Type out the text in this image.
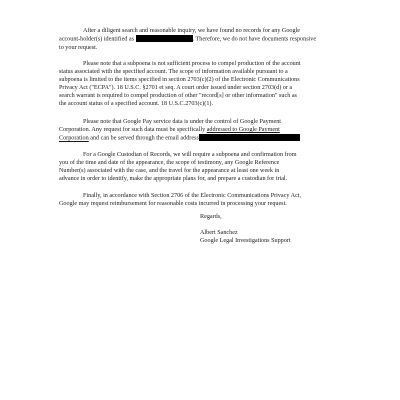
After a diligent search and reasonable inquiry, we have found no records for any Google
account-holder(s) identified as	. Therefore, we do not have documents responsive
to your request.

Please note that a subpoena is not sufficient process to compel production of the account
status associated with the specified account. The scope of information available pursuant to a
subpoena is limited to the items specified in section 2703(c)(2) of the Electronic Communications
Privacy Act ("ECPA"). 18 U.S.C. §2701 et seq. A court order issued under section 2703(d) or a
search warrant is required to compel production of other "record[s] or other information" such as
the account status of a specified account. 18 U.S.C.2703(c)(1).

Please note that Google Pay service data is under the control of Google Payment
Corporation. Any request for such data must be specifically addressed to Google Payment
Corporation and can be served through the email address

For a Google Custodian of Records, we will require a subpoena and confirmation from
you of the time and date of the appearance, the scope of testimony, any Google Reference
Number(s) associated with the case, and the travel for the appearance at least one week in
advance in order to identify, make the appropriate plans for, and prepare a custodian for trial.

Finally, in accordance with Section 2706 of the Electronic Communications Privacy Act,
Google may request reimbursement for reasonable costs incurred in processing your request.

Regards,

Albert Sanchez

Google Legal Investigations Support
